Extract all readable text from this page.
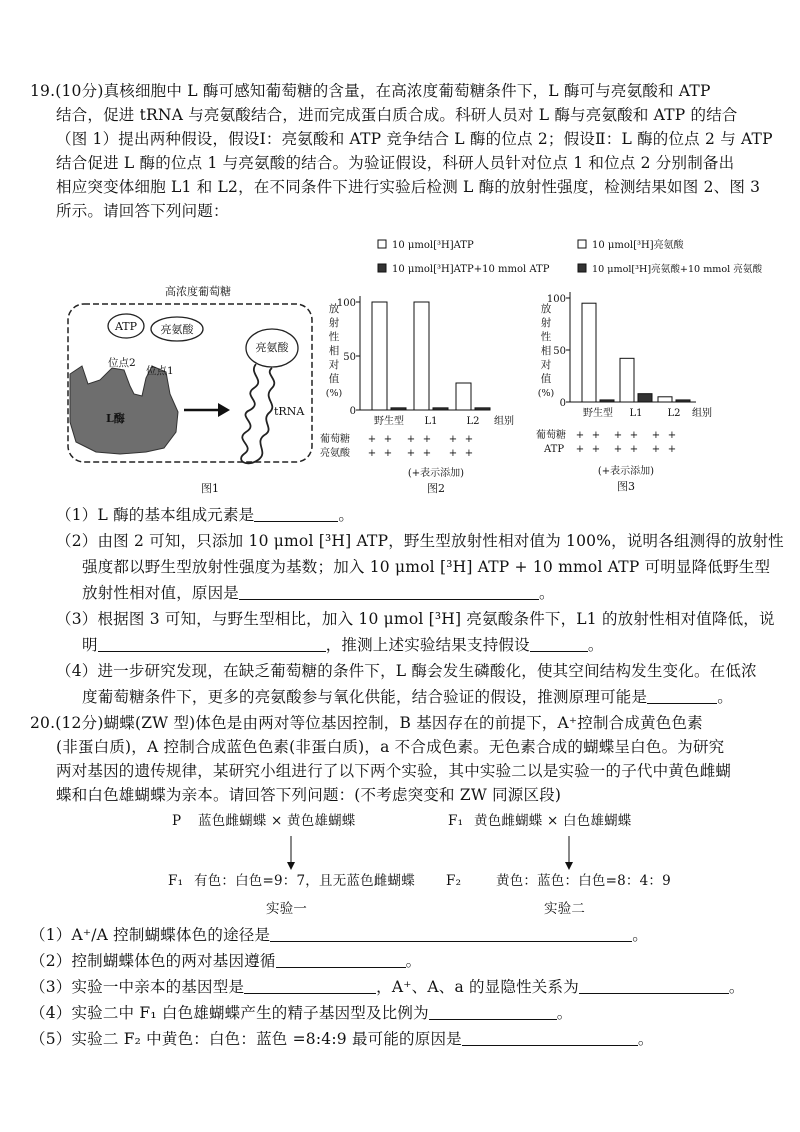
19.(10分)真核细胞中 L 酶可感知葡萄糖的含量，在高浓度葡萄糖条件下，L 酶可与亮氨酸和 ATP
结合，促进 tRNA 与亮氨酸结合，进而完成蛋白质合成。科研人员对 L 酶与亮氨酸和 ATP 的结合
（图 1）提出两种假设，假设Ⅰ：亮氨酸和 ATP 竞争结合 L 酶的位点 2；假设Ⅱ：L 酶的位点 2 与 ATP
结合促进 L 酶的位点 1 与亮氨酸的结合。为验证假设，科研人员针对位点 1 和位点 2 分别制备出
相应突变体细胞 L1 和 L2，在不同条件下进行实验后检测 L 酶的放射性强度，检测结果如图 2、图 3
所示。请回答下列问题：
高浓度葡萄糖
ATP 亮氨酸
位点2
位点1
L酶
亮氨酸
tRNA
图1
10 μmol[³H]ATP
10 μmol[³H]ATP+10 mmol ATP
放
射
性
相
对
值
(%)
0
50
100
野生型 L1	L2 组别
葡萄糖
亮氨酸
+ + + + + +
+ + + + + +
(+表示添加)
图2
10 μmol[³H]亮氨酸
10 μmol[³H]亮氨酸+10 mmol 亮氨酸
放
射
性
相
对
值
(%)
0
50
100
野生型 L1 L2 组别
葡萄糖
ATP
+ + + + + +
+ + + + + +
(+表示添加)
图3
（1）L 酶的基本组成元素是	。
（2）由图 2 可知，只添加 10 μmol [³H] ATP，野生型放射性相对值为 100%，说明各组测得的放射性
强度都以野生型放射性强度为基数；加入 10 μmol [³H] ATP + 10 mmol ATP 可明显降低野生型
放射性相对值，原因是	。
（3）根据图 3 可知，与野生型相比，加入 10 μmol [³H] 亮氨酸条件下，L1 的放射性相对值降低，说
明	，推测上述实验结果支持假设	。
（4）进一步研究发现，在缺乏葡萄糖的条件下，L 酶会发生磷酸化，使其空间结构发生变化。在低浓
度葡萄糖条件下，更多的亮氨酸参与氧化供能，结合验证的假设，推测原理可能是	。
20.(12分)蝴蝶(ZW 型)体色是由两对等位基因控制，B 基因存在的前提下，A⁺控制合成黄色色素
(非蛋白质)，A 控制合成蓝色色素(非蛋白质)，a 不合成色素。无色素合成的蝴蝶呈白色。为研究
两对基因的遗传规律，某研究小组进行了以下两个实验，其中实验二以是实验一的子代中黄色雌蝴
蝶和白色雄蝴蝶为亲本。请回答下列问题：(不考虑突变和 ZW 同源区段)
P 蓝色雌蝴蝶 × 黄色雄蝴蝶	F₁ 黄色雌蝴蝶 × 白色雄蝴蝶
F₁ 有色：白色=9：7，且无蓝色雌蝴蝶 F₂	黄色：蓝色：白色=8：4：9
实验一	实验二
（1）A⁺/A 控制蝴蝶体色的途径是	。
（2）控制蝴蝶体色的两对基因遵循	。
（3）实验一中亲本的基因型是	，A⁺、A、a 的显隐性关系为	。
（4）实验二中 F₁ 白色雄蝴蝶产生的精子基因型及比例为	。
（5）实验二 F₂ 中黄色：白色：蓝色 =8:4:9 最可能的原因是	。
